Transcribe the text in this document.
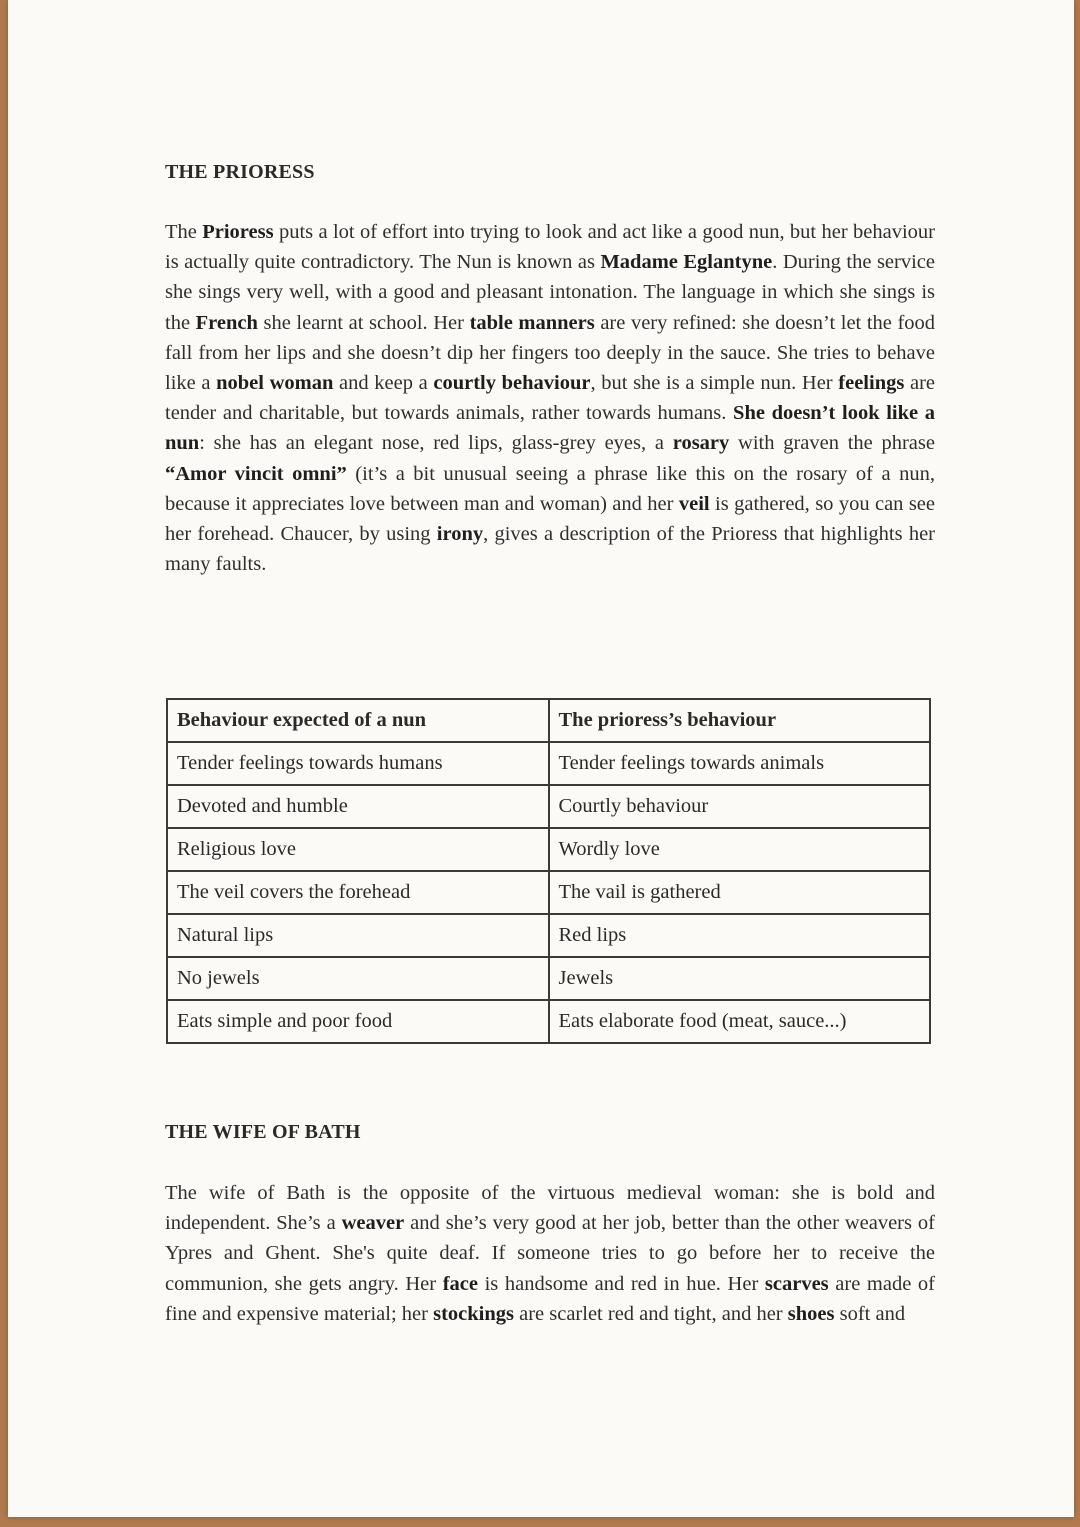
THE PRIORESS
The Prioress puts a lot of effort into trying to look and act like a good nun, but her behaviour is actually quite contradictory. The Nun is known as Madame Eglantyne. During the service she sings very well, with a good and pleasant intonation. The language in which she sings is the French she learnt at school. Her table manners are very refined: she doesn’t let the food fall from her lips and she doesn’t dip her fingers too deeply in the sauce. She tries to behave like a nobel woman and keep a courtly behaviour, but she is a simple nun. Her feelings are tender and charitable, but towards animals, rather towards humans. She doesn’t look like a nun: she has an elegant nose, red lips, glass-grey eyes, a rosary with graven the phrase “Amor vincit omni” (it’s a bit unusual seeing a phrase like this on the rosary of a nun, because it appreciates love between man and woman) and her veil is gathered, so you can see her forehead. Chaucer, by using irony, gives a description of the Prioress that highlights her many faults.
Behaviour expected of a nun	The prioress’s behaviour
Tender feelings towards humans	Tender feelings towards animals
Devoted and humble	Courtly behaviour
Religious love	Wordly love
The veil covers the forehead	The vail is gathered
Natural lips	Red lips
No jewels	Jewels
Eats simple and poor food	Eats elaborate food (meat, sauce...)
THE WIFE OF BATH
The wife of Bath is the opposite of the virtuous medieval woman: she is bold and independent. She’s a weaver and she’s very good at her job, better than the other weavers of Ypres and Ghent. She's quite deaf. If someone tries to go before her to receive the communion, she gets angry. Her face is handsome and red in hue. Her scarves are made of fine and expensive material; her stockings are scarlet red and tight, and her shoes soft and
